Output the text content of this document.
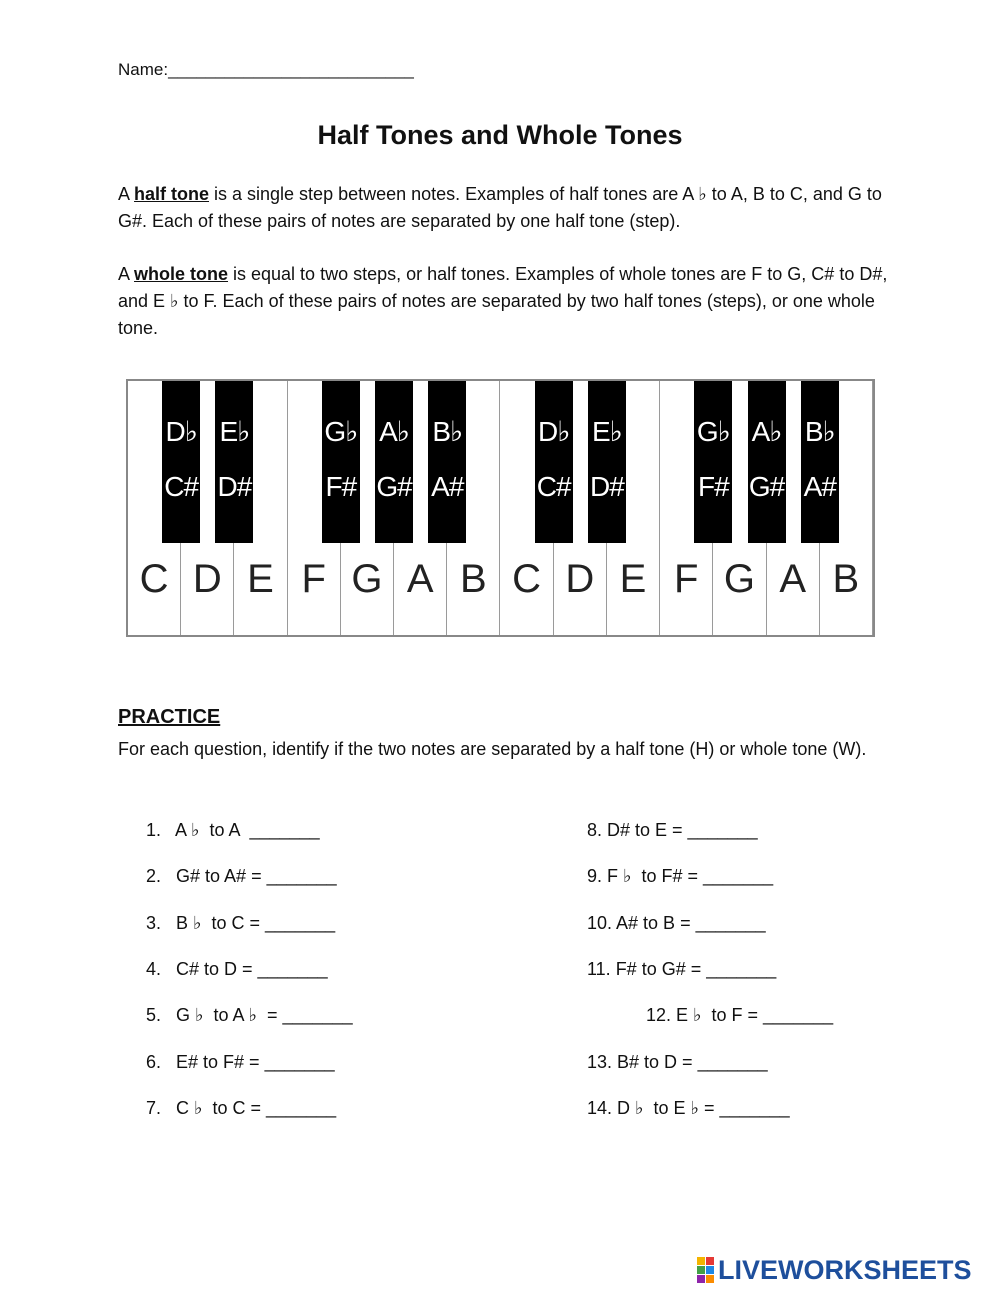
Name:__________________________
Half Tones and Whole Tones
A half tone is a single step between notes. Examples of half tones are A ♭ to A, B to C, and G to G#. Each of these pairs of notes are separated by one half tone (step).
A whole tone is equal to two steps, or half tones. Examples of whole tones are F to G, C# to D#, and E ♭ to F. Each of these pairs of notes are separated by two half tones (steps), or one whole tone.
C D E F G A B C D E F G A B
D♭
C#
E♭
D#
G♭
F#
A♭
G#
B♭
A#
D♭
C#
E♭
D#
G♭
F#
A♭
G#
B♭
A#
PRACTICE
For each question, identify if the two notes are separated by a half tone (H) or whole tone (W).
1.   A ♭  to A  _______
2.   G# to A# = _______
3.   B ♭  to C = _______
4.   C# to D = _______
5.   G ♭  to A ♭  = _______
6.   E# to F# = _______
7.   C ♭  to C = _______
8. D# to E = _______
9. F ♭  to F# = _______
10. A# to B = _______
11. F# to G# = _______
12. E ♭  to F = _______
13. B# to D = _______
14. D ♭  to E ♭ = _______
LIVEWORKSHEETS
